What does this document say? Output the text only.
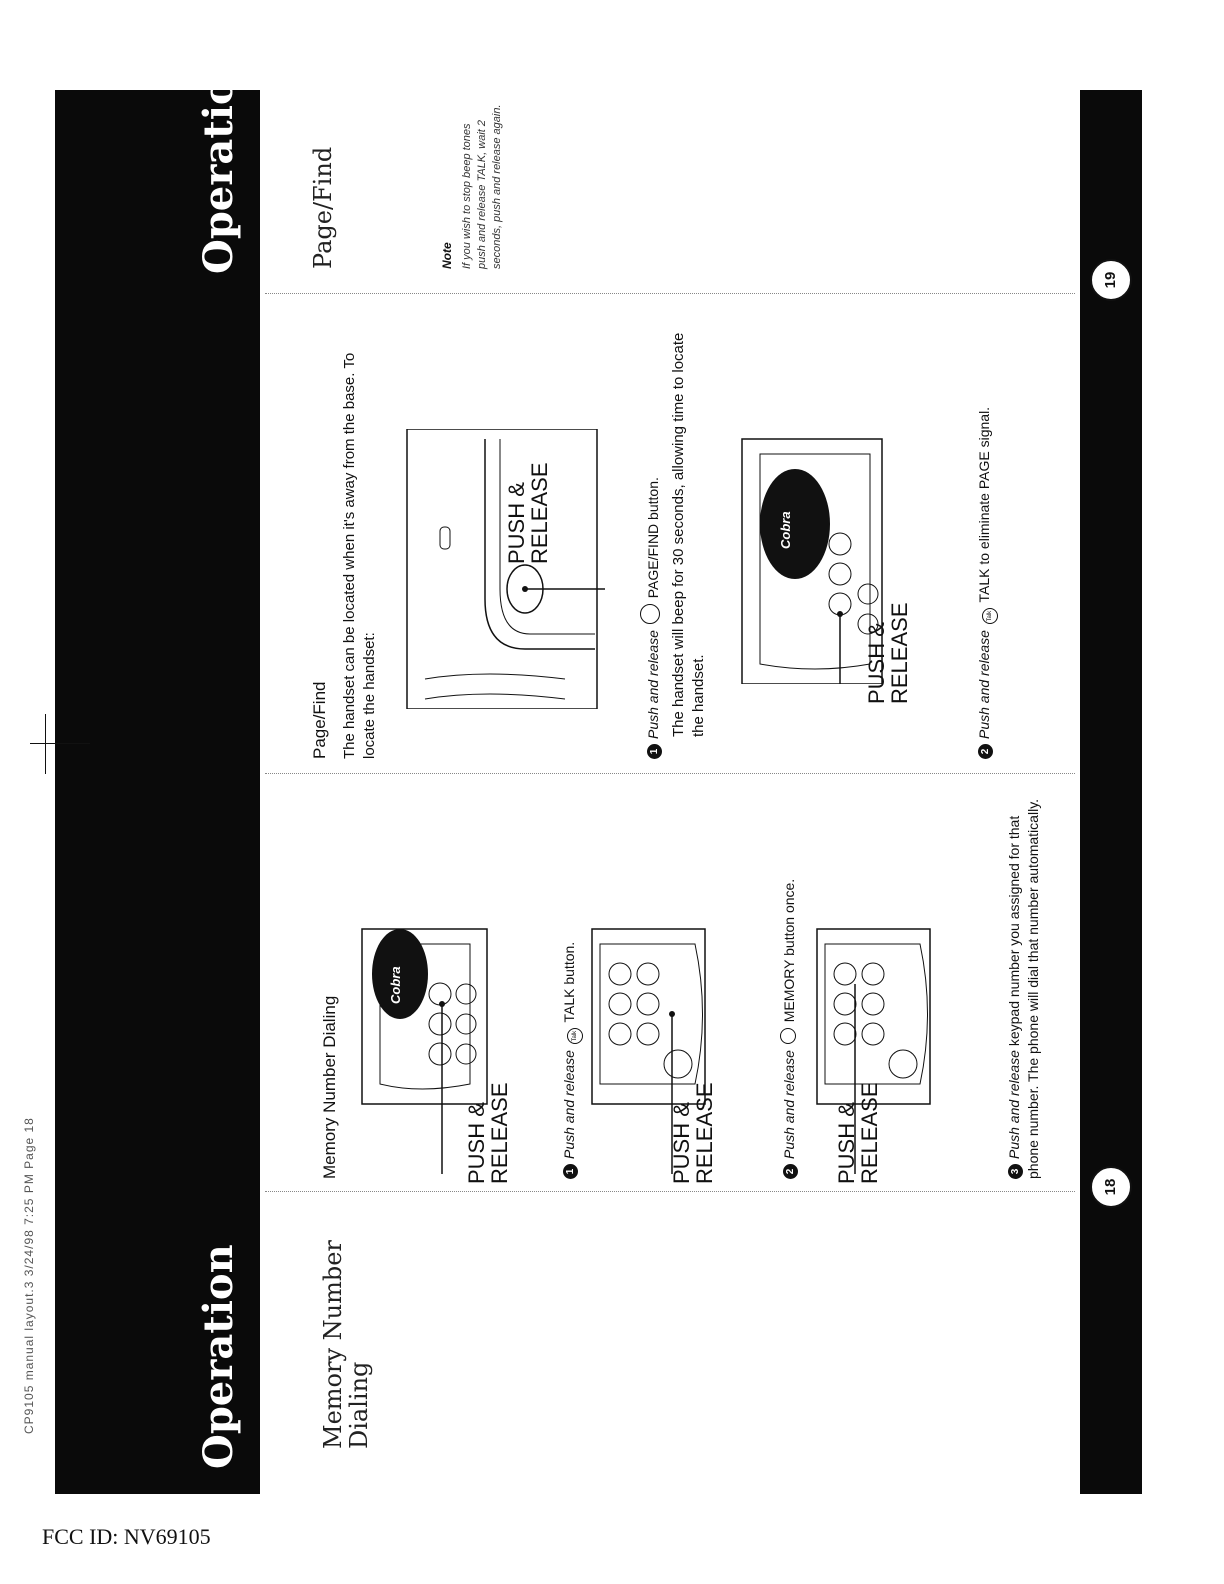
CP9105 manual layout.3 3/24/98 7:25 PM Page 18	Operation
Operation
Memory Number Dialing
Memory Number Dialing
Cobra
PUSH &
RELEASE	1Push and release Talk TALK button.
PUSH &
RELEASE	2Push and release  MEMORY button once.
PUSH &
RELEASE	3Push and release keypad number you assigned for that phone number. The phone will dial that number automatically.
Page/Find The handset can be located when it's away from the base. To locate the handset:
PUSH &
RELEASE
1Push and release  PAGE/FIND button. The handset will beep for 30 seconds, allowing time to locate the handset.
Cobra
PUSH &
RELEASE
2Push and release Talk TALK to eliminate PAGE signal.
Page/Find	Note If you wish to stop beep tones push and release TALK, wait 2 seconds, push and release again.
18
19
FCC ID: NV69105
